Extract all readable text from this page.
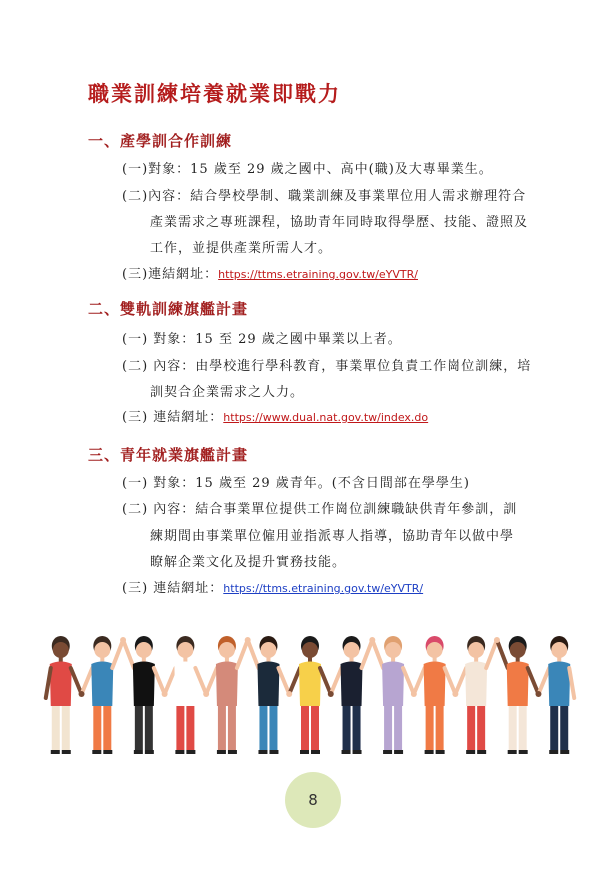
職業訓練培養就業即戰力
一、產學訓合作訓練
(一)對象：15 歲至 29 歲之國中、高中(職)及大專畢業生。
(二)內容：結合學校學制、職業訓練及事業單位用人需求辦理符合
產業需求之專班課程，協助青年同時取得學歷、技能、證照及
工作，並提供產業所需人才。
(三)連結網址：https://ttms.etraining.gov.tw/eYVTR/
二、雙軌訓練旗艦計畫
(一) 對象：15 至 29 歲之國中畢業以上者。
(二) 內容：由學校進行學科教育，事業單位負責工作崗位訓練，培
訓契合企業需求之人力。
(三) 連結網址：https://www.dual.nat.gov.tw/index.do
三、青年就業旗艦計畫
(一) 對象：15 歲至 29 歲青年。(不含日間部在學學生)
(二) 內容：結合事業單位提供工作崗位訓練職缺供青年參訓，訓
練期間由事業單位僱用並指派專人指導，協助青年以做中學
瞭解企業文化及提升實務技能。
(三) 連結網址：https://ttms.etraining.gov.tw/eYVTR/
8
